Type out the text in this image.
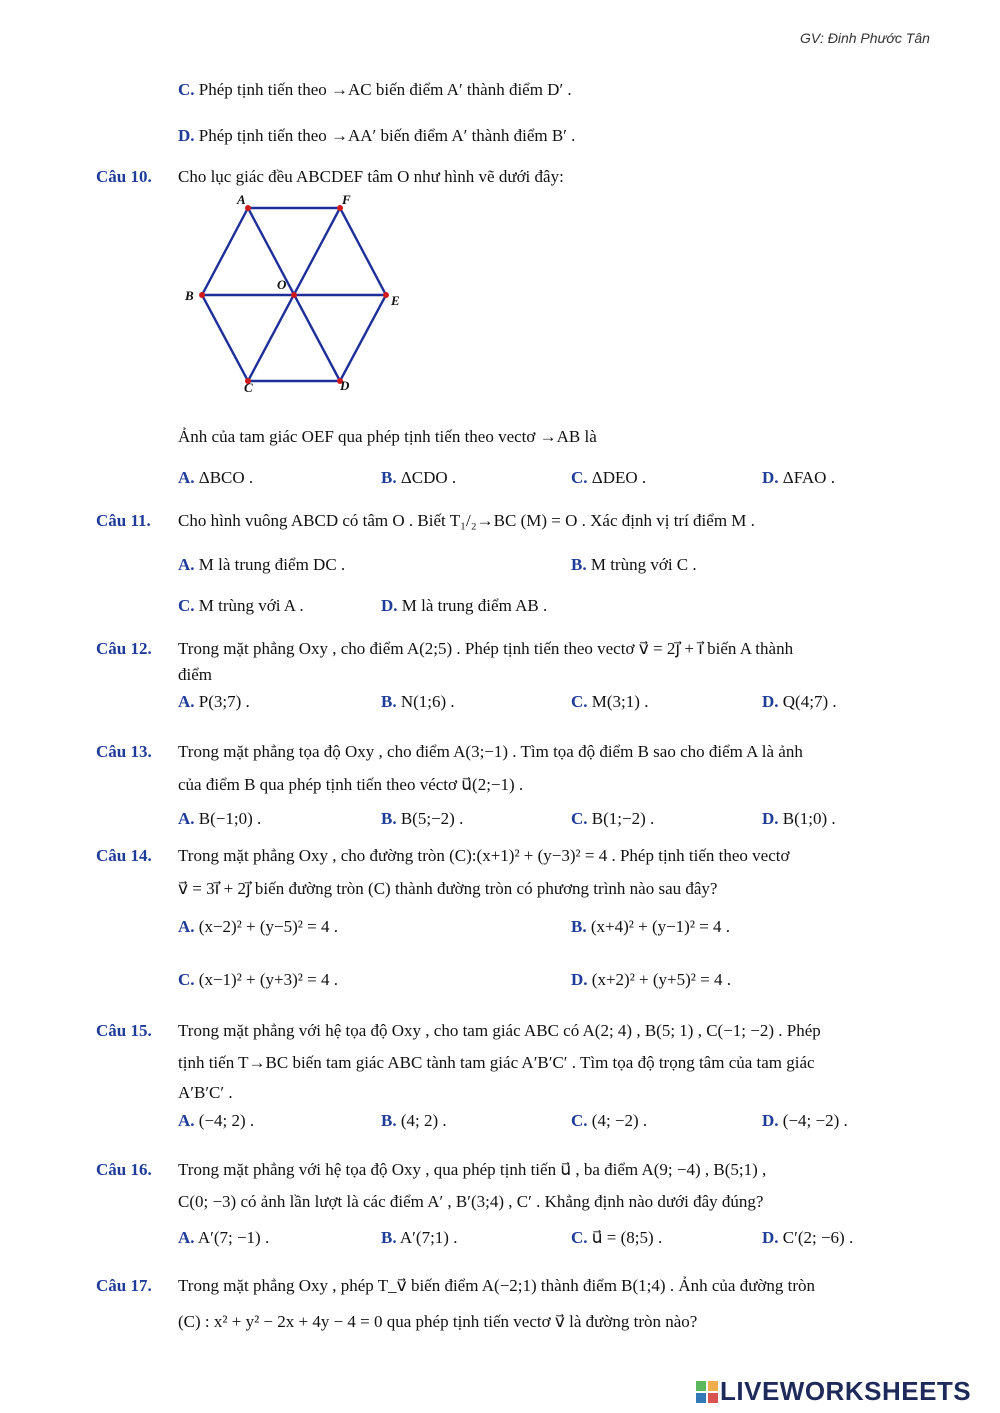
GV: Đinh Phước Tân
C. Phép tịnh tiến theo →AC biến điểm A′ thành điểm D′ .
D. Phép tịnh tiến theo →AA′ biến điểm A′ thành điểm B′ .
Câu 10. Cho lục giác đều ABCDEF tâm O như hình vẽ dưới đây:
A	F
B
O
E
C	D
Ảnh của tam giác OEF qua phép tịnh tiến theo vectơ →AB là
A. ΔBCO .	B. ΔCDO .	C. ΔDEO .	D. ΔFAO .
Câu 11. Cho hình vuông ABCD có tâm O . Biết T₁/₂→BC (M) = O . Xác định vị trí điểm M .
A. M là trung điểm DC .	B. M trùng với C .
C. M trùng với A .	D. M là trung điểm AB .
Câu 12. Trong mặt phẳng Oxy , cho điểm A(2;5) . Phép tịnh tiến theo vectơ v⃗ = 2j⃗ + i⃗ biến A thành
điểm
A. P(3;7) .	B. N(1;6) .	C. M(3;1) .	D. Q(4;7) .
Câu 13. Trong mặt phẳng tọa độ Oxy , cho điểm A(3;−1) . Tìm tọa độ điểm B sao cho điểm A là ảnh
của điểm B qua phép tịnh tiến theo véctơ u⃗(2;−1) .
A. B(−1;0) .	B. B(5;−2) .	C. B(1;−2) .	D. B(1;0) .
Câu 14. Trong mặt phẳng Oxy , cho đường tròn (C):(x+1)² + (y−3)² = 4 . Phép tịnh tiến theo vectơ
v⃗ = 3i⃗ + 2j⃗ biến đường tròn (C) thành đường tròn có phương trình nào sau đây?
A. (x−2)² + (y−5)² = 4 .	B. (x+4)² + (y−1)² = 4 .
C. (x−1)² + (y+3)² = 4 .	D. (x+2)² + (y+5)² = 4 .
Câu 15. Trong mặt phẳng với hệ tọa độ Oxy , cho tam giác ABC có A(2; 4) , B(5; 1) , C(−1; −2) . Phép
tịnh tiến T→BC biến tam giác ABC tành tam giác A′B′C′ . Tìm tọa độ trọng tâm của tam giác
A′B′C′ .
A. (−4; 2) .	B. (4; 2) .	C. (4; −2) .	D. (−4; −2) .
Câu 16. Trong mặt phẳng với hệ tọa độ Oxy , qua phép tịnh tiến u⃗ , ba điểm A(9; −4) , B(5;1) ,
C(0; −3) có ảnh lần lượt là các điểm A′ , B′(3;4) , C′ . Khẳng định nào dưới đây đúng?
A. A′(7; −1) .	B. A′(7;1) .	C. u⃗ = (8;5) .	D. C′(2; −6) .
Câu 17. Trong mặt phẳng Oxy , phép T_v⃗ biến điểm A(−2;1) thành điểm B(1;4) . Ảnh của đường tròn
(C) : x² + y² − 2x + 4y − 4 = 0 qua phép tịnh tiến vectơ v⃗ là đường tròn nào?
LIVEWORKSHEETS
